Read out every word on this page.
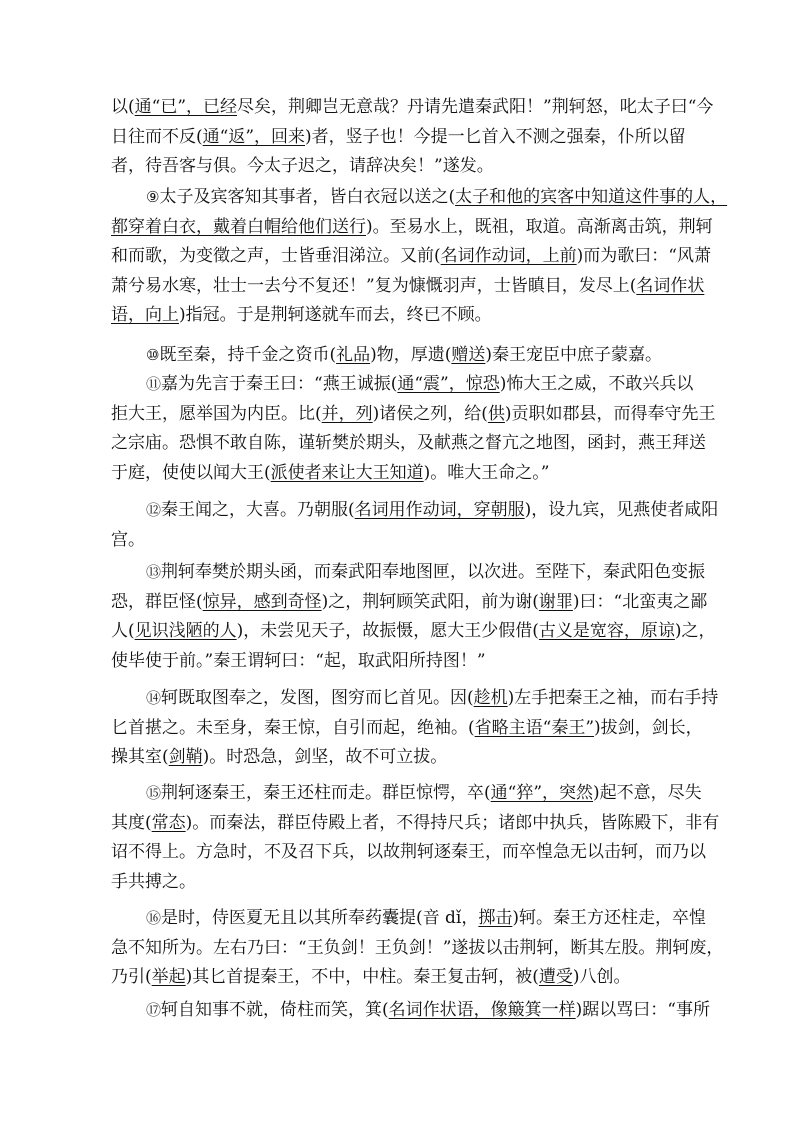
以(通“已”，已经尽矣，荆卿岂无意哉？丹请先遣秦武阳！”荆轲怒，叱太子曰“今
日往而不反(通“返”，回来)者，竖子也！今提一匕首入不测之强秦，仆所以留
者，待吾客与俱。今太子迟之，请辞决矣！”遂发。
⑨太子及宾客知其事者，皆白衣冠以送之(太子和他的宾客中知道这件事的人，
都穿着白衣，戴着白帽给他们送行)。至易水上，既祖，取道。高渐离击筑，荆轲
和而歌，为变徵之声，士皆垂泪涕泣。又前(名词作动词，上前)而为歌曰：“风萧
萧兮易水寒，壮士一去兮不复还！”复为慷慨羽声，士皆瞋目，发尽上(名词作状
语，向上)指冠。于是荆轲遂就车而去，终已不顾。
⑩既至秦，持千金之资币(礼品)物，厚遗(赠送)秦王宠臣中庶子蒙嘉。
⑪嘉为先言于秦王曰：“燕王诚振(通“震”，惊恐)怖大王之威，不敢兴兵以
拒大王，愿举国为内臣。比(并，列)诸侯之列，给(供)贡职如郡县，而得奉守先王
之宗庙。恐惧不敢自陈，谨斩樊於期头，及献燕之督亢之地图，函封，燕王拜送
于庭，使使以闻大王(派使者来让大王知道)。唯大王命之。”
⑫秦王闻之，大喜。乃朝服(名词用作动词，穿朝服)，设九宾，见燕使者咸阳
宫。
⑬荆轲奉樊於期头函，而秦武阳奉地图匣，以次进。至陛下，秦武阳色变振
恐，群臣怪(惊异，感到奇怪)之，荆轲顾笑武阳，前为谢(谢罪)曰：“北蛮夷之鄙
人(见识浅陋的人)，未尝见天子，故振慑，愿大王少假借(古义是宽容，原谅)之，
使毕使于前。”秦王谓轲曰：“起，取武阳所持图！”
⑭轲既取图奉之，发图，图穷而匕首见。因(趁机)左手把秦王之袖，而右手持
匕首揕之。未至身，秦王惊，自引而起，绝袖。(省略主语“秦王”)拔剑，剑长，
操其室(剑鞘)。时恐急，剑坚，故不可立拔。
⑮荆轲逐秦王，秦王还柱而走。群臣惊愕，卒(通“猝”，突然)起不意，尽失
其度(常态)。而秦法，群臣侍殿上者，不得持尺兵；诸郎中执兵，皆陈殿下，非有
诏不得上。方急时，不及召下兵，以故荆轲逐秦王，而卒惶急无以击轲，而乃以
手共搏之。
⑯是时，侍医夏无且以其所奉药囊提(音 dǐ，掷击)轲。秦王方还柱走，卒惶
急不知所为。左右乃曰：“王负剑！王负剑！”遂拔以击荆轲，断其左股。荆轲废，
乃引(举起)其匕首提秦王，不中，中柱。秦王复击轲，被(遭受)八创。
⑰轲自知事不就，倚柱而笑，箕(名词作状语，像簸箕一样)踞以骂曰：“事所
